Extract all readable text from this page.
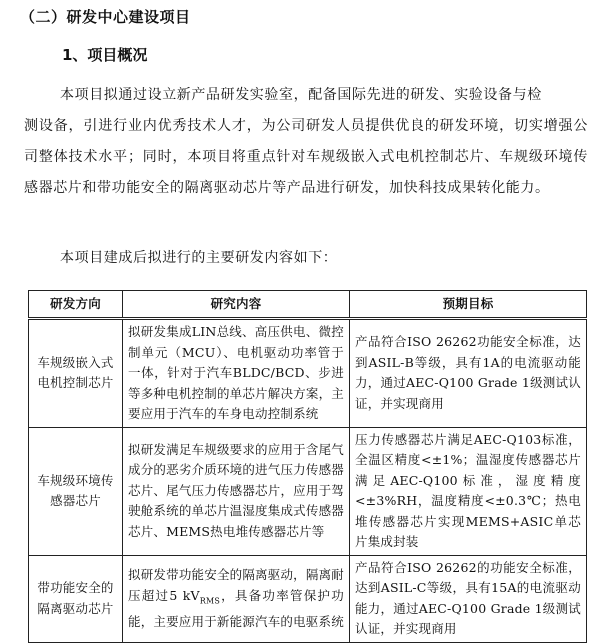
（二）研发中心建设项目
1、项目概况

本项目拟通过设立新产品研发实验室，配备国际先进的研发、实验设备与检

测设备，引进行业内优秀技术人才，为公司研发人员提供优良的研发环境，切实增强公司整体技术水平；同时，本项目将重点针对车规级嵌入式电机控制芯片、车规级环境传感器芯片和带功能安全的隔离驱动芯片等产品进行研发，加快科技成果转化能力。

本项目建成后拟进行的主要研发内容如下：

研发方向	研究内容	预期目标
车规级嵌入式电机控制芯片	拟研发集成LIN总线、高压供电、微控制单元（MCU）、电机驱动功率管于一体，针对于汽车BLDC/BCD、步进等多种电机控制的单芯片解决方案，主要应用于汽车的车身电动控制系统	产品符合ISO 26262功能安全标准，达到ASIL-B等级，具有1A的电流驱动能力，通过AEC-Q100 Grade 1级测试认证，并实现商用
车规级环境传感器芯片	拟研发满足车规级要求的应用于含尾气成分的恶劣介质环境的进气压力传感器芯片、尾气压力传感器芯片，应用于驾驶舱系统的单芯片温湿度集成式传感器芯片、MEMS热电堆传感器芯片等	压力传感器芯片满足AEC-Q103标准，全温区精度<±1%；温湿度传感器芯片满足AEC-Q100标准，湿度精度<±3%RH，温度精度<±0.3℃；热电堆传感器芯片实现MEMS+ASIC单芯片集成封装
带功能安全的隔离驱动芯片	拟研发带功能安全的隔离驱动，隔离耐压超过5 $kV_{RMS}$，具备功率管保护功能，主要应用于新能源汽车的电驱系统	产品符合ISO 26262的功能安全标准，达到ASIL-C等级，具有15A的电流驱动能力，通过AEC-Q100 Grade 1级测试认证，并实现商用
